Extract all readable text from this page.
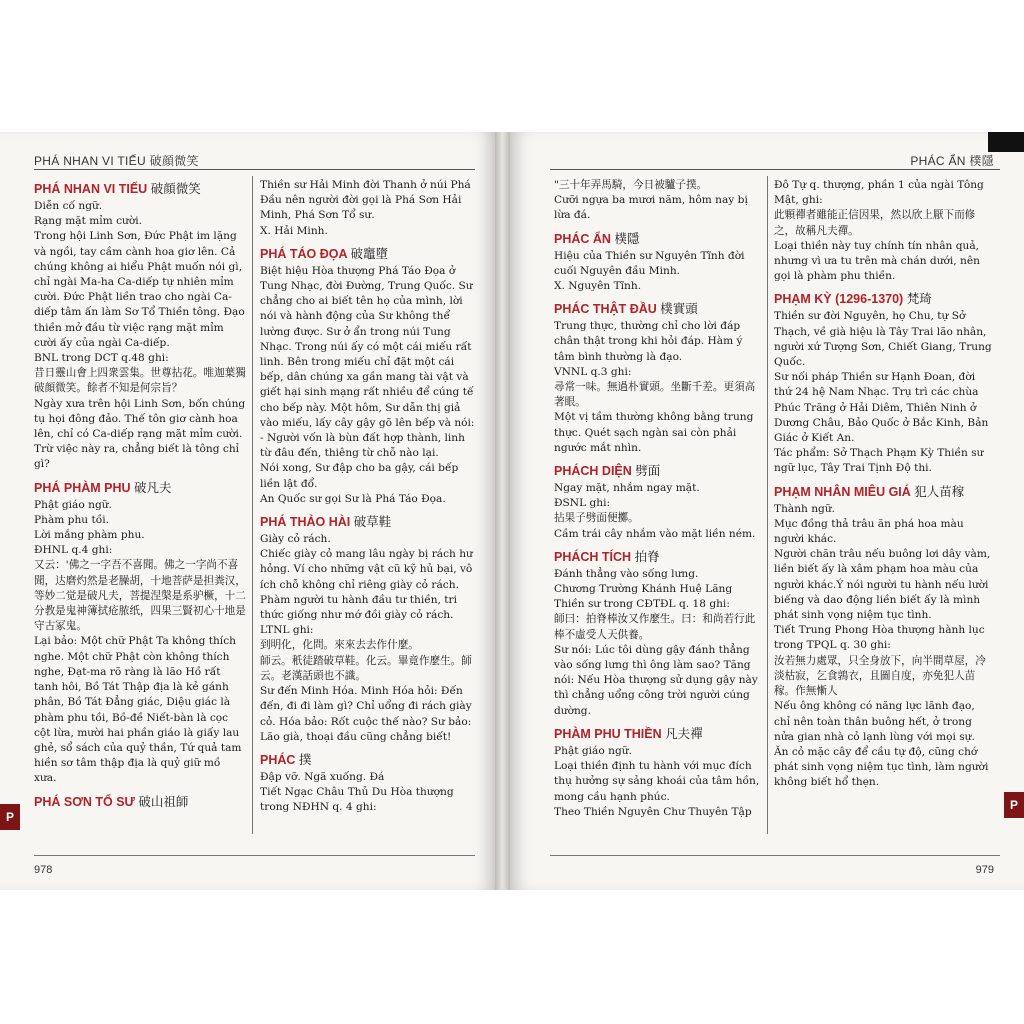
PHÁ NHAN VI TIẾU 破顔微笑
PHÁ NHAN VI TIẾU 破顔微笑
Diễn cố ngữ.
Rạng mặt mỉm cười.
Trong hội Linh Sơn, Đức Phật im lặng và ngồi, tay cầm cành hoa giơ lên. Cả chúng không ai hiểu Phật muốn nói gì, chỉ ngài Ma-ha Ca-diếp tự nhiên mỉm cười. Đức Phật liền trao cho ngài Ca-diếp tâm ấn làm Sơ Tổ Thiền tông. Đạo thiền mở đầu từ việc rạng mặt mỉm cười ấy của ngài Ca-diếp.
BNL trong DCT q.48 ghi:
昔日靈山會上四衆雲集。世尊拈花。唯迦葉獨破顔微笑。餘者不知是何宗旨？
Ngày xưa trên hội Linh Sơn, bốn chúng tụ họi đông đảo. Thế tôn giơ cành hoa lên, chỉ có Ca-diếp rạng mặt mỉm cười. Trừ việc này ra, chẳng biết là tông chỉ gì?
PHÁ PHÀM PHU 破凡夫
Phật giáo ngữ.
Phàm phu tồi.
Lời mắng phàm phu.
ĐHNL q.4 ghi:
又云：'佛之一字吾不喜聞。佛之一字尚不喜聞，达磨灼然是老臊胡，十地菩萨是担粪汉，等妙二觉是破凡夫，菩提涅槃是系驴橛，十二分教是鬼神簿拭疮脓纸，四果三賢初心十地是守古冢鬼。
Lại bảo: Một chữ Phật Ta không thích nghe. Một chữ Phật còn không thích nghe, Đạt-ma rõ ràng là lão Hồ rất tanh hôi, Bồ Tát Thập địa là kẻ gánh phân, Bồ Tát Đẳng giác, Diệu giác là phàm phu tồi, Bồ-đề Niết-bàn là cọc cột lừa, mười hai phần giáo là giấy lau ghẻ, sổ sách của quỷ thần, Tứ quả tam hiền sơ tâm thập địa là quỷ giữ mồ xưa.
PHÁ SƠN TỔ SƯ 破山祖師
Thiền sư Hải Minh đời Thanh ở núi Phá Đầu nên người đời gọi là Phá Sơn Hải Minh, Phá Sơn Tổ sư.
X. Hải Minh.
PHÁ TÁO ĐỌA 破竈墮
Biệt hiệu Hòa thượng Phá Táo Đọa ở Tung Nhạc, đời Đường, Trung Quốc. Sư chẳng cho ai biết tên họ của mình, lời nói và hành động của Sư không thể lường được. Sư ở ẩn trong núi Tung Nhạc. Trong núi ấy có một cái miếu rất linh. Bên trong miếu chỉ đặt một cái bếp, dân chúng xa gần mang tài vật và giết hại sinh mạng rất nhiều để cúng tế cho bếp này. Một hôm, Sư dẫn thị giả vào miếu, lấy cây gậy gõ lên bếp và nói:
- Người vốn là bùn đất hợp thành, linh từ đâu đến, thiêng từ chỗ nào lại.
Nói xong, Sư đập cho ba gậy, cái bếp liền lật đổ.
An Quốc sư gọi Sư là Phá Táo Đọa.
PHÁ THẢO HÀI 破草鞋
Giày cỏ rách.
Chiếc giày cỏ mang lâu ngày bị rách hư hỏng. Ví cho những vật cũ kỹ hủ bại, vô ích chỗ không chỉ riêng giày cỏ rách. Phàm người tu hành đầu tư thiền, tri thức giống như mớ đồi giày cỏ rách.
LTNL ghi:
到明化，化問。來來去去作什麼。
師云。秖徒踏破草鞋。化云。畢竟作麼生。師云。老漢話頭也不識。
Sư đến Minh Hóa. Minh Hóa hỏi: Đến đến, đi đi làm gì? Chỉ uổng đi rách giày cỏ. Hóa bảo: Rốt cuộc thế nào? Sư bảo: Lão già, thoại đầu cũng chẳng biết!
PHÁC 撲
Đập vỡ. Ngã xuống. Đá
Tiết Ngạc Châu Thủ Du Hòa thượng trong NĐHN q. 4 ghi:
P
978
PHÁC ẨN 樸隱
"三十年弄馬騎，今日被驢子撲。
Cưỡi ngựa ba mươi năm, hôm nay bị lừa đá.
PHÁC ẨN 樸隱
Hiệu của Thiền sư Nguyên Tĩnh đời cuối Nguyên đầu Minh.
X. Nguyên Tĩnh.
PHÁC THẬT ĐẦU 樸實頭
Trung thực, thường chỉ cho lời đáp chân thật trong khi hỏi đáp. Hàm ý tâm bình thường là đạo.
VNNL q.3 ghi:
尋常一味。無過朴實頭。坐斷千差。更須高著眼。
Một vị tầm thường không bằng trung thực. Quét sạch ngàn sai còn phải ngước mắt nhìn.
PHÁCH DIỆN 劈面
Ngay mặt, nhắm ngay mặt.
ĐSNL ghi:
拈果子劈面便擲。
Cầm trái cây nhắm vào mặt liền ném.
PHÁCH TÍCH 拍脊
Đánh thẳng vào sống lưng.
Chương Trường Khánh Huệ Lăng Thiền sư trong CĐTĐL q. 18 ghi:
師曰：拍脊棒汝又作麼生。曰：和尚若行此棒不虛受人天供養。
Sư nói: Lúc tôi dùng gậy đánh thẳng vào sống lưng thì ông làm sao? Tăng nói: Nếu Hòa thượng sử dụng gậy này thì chẳng uổng công trời người cúng dường.
PHÀM PHU THIỀN 凡夫禪
Phật giáo ngữ.
Loại thiền định tu hành với mục đích thụ hưởng sự sảng khoái của tâm hồn, mong cầu hạnh phúc.
Theo Thiền Nguyên Chư Thuyên Tập
Đô Tự q. thượng, phần 1 của ngài Tông Mật, ghi:
此顆禪者雖能正信因果，然以欣上厭下而修之，故稱凡夫禪。
Loại thiền này tuy chính tín nhân quả, nhưng vì ưa tu trên mà chán dưới, nên gọi là phàm phu thiền.
PHẠM KỲ (1296-1370) 梵琦
Thiền sư đời Nguyên, họ Chu, tự Sở Thạch, về già hiệu là Tây Trai lão nhân, người xứ Tượng Sơn, Chiết Giang, Trung Quốc.
Sư nối pháp Thiền sư Hạnh Đoan, đời thứ 24 hệ Nam Nhạc. Trụ trì các chùa Phúc Trăng ở Hải Diêm, Thiên Ninh ở Dương Châu, Bảo Quốc ở Bắc Kinh, Bản Giác ở Kiết An.
Tác phẩm: Sở Thạch Phạm Kỳ Thiền sư ngữ lục, Tây Trai Tịnh Độ thi.
PHẠM NHÂN MIÊU GIÁ 犯人苗稼
Thành ngữ.
Mục đồng thả trâu ăn phá hoa màu người khác.
Người chăn trâu nếu buông lơi dây vàm, liền biết ấy là xâm phạm hoa màu của người khác.Ý nói người tu hành nếu lười biếng và dao động liền biết ấy là mình phát sinh vọng niệm tục tình.
Tiết Trung Phong Hòa thượng hành lục trong TPQL q. 30 ghi:
汝若無力處眾，只全身放下，向半間草屋，冷淡枯寂，乞食鶉衣，且圖自度，亦免犯人苗稼。作無慚人
Nếu ông không có năng lực lãnh đạo, chỉ nên toàn thân buông hết, ở trong nửa gian nhà cỏ lạnh lùng với mọi sự. Ăn cỏ mặc cây để cầu tự độ, cũng chớ phát sinh vọng niệm tục tình, làm người không biết hổ thẹn.
P
979
